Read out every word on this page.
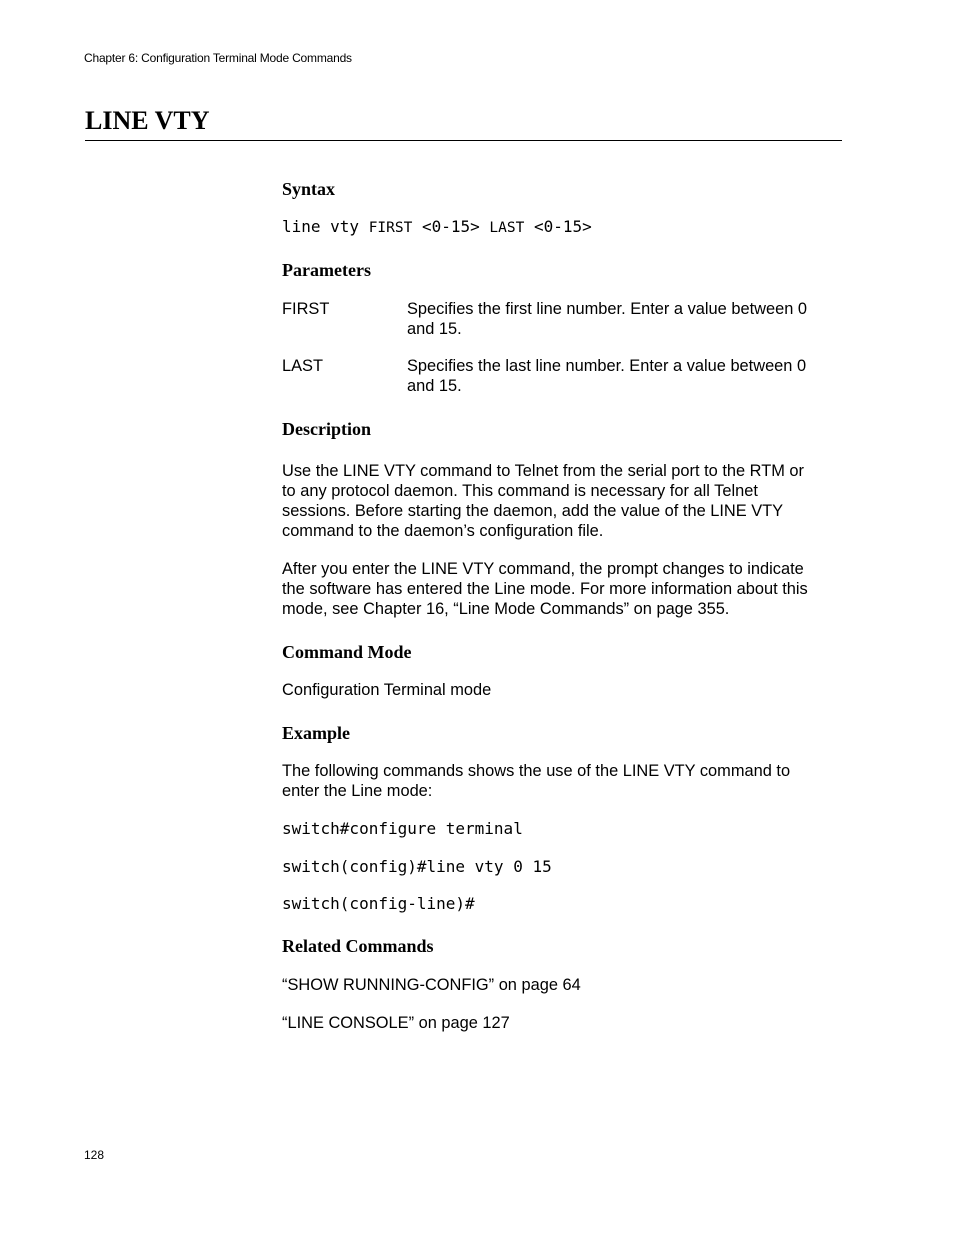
Chapter 6: Configuration Terminal Mode Commands
LINE VTY
Syntax
line vty FIRST <0-15> LAST <0-15>
Parameters
FIRST	Specifies the first line number. Enter a value between 0
and 15.
LAST	Specifies the last line number. Enter a value between 0
and 15.
Description
Use the LINE VTY command to Telnet from the serial port to the RTM or
to any protocol daemon. This command is necessary for all Telnet
sessions. Before starting the daemon, add the value of the LINE VTY
command to the daemon’s configuration file.
After you enter the LINE VTY command, the prompt changes to indicate
the software has entered the Line mode. For more information about this
mode, see Chapter 16, “Line Mode Commands” on page 355.
Command Mode
Configuration Terminal mode
Example
The following commands shows the use of the LINE VTY command to
enter the Line mode:
switch#configure terminal
switch(config)#line vty 0 15
switch(config-line)#
Related Commands
“SHOW RUNNING-CONFIG” on page 64
“LINE CONSOLE” on page 127
128
